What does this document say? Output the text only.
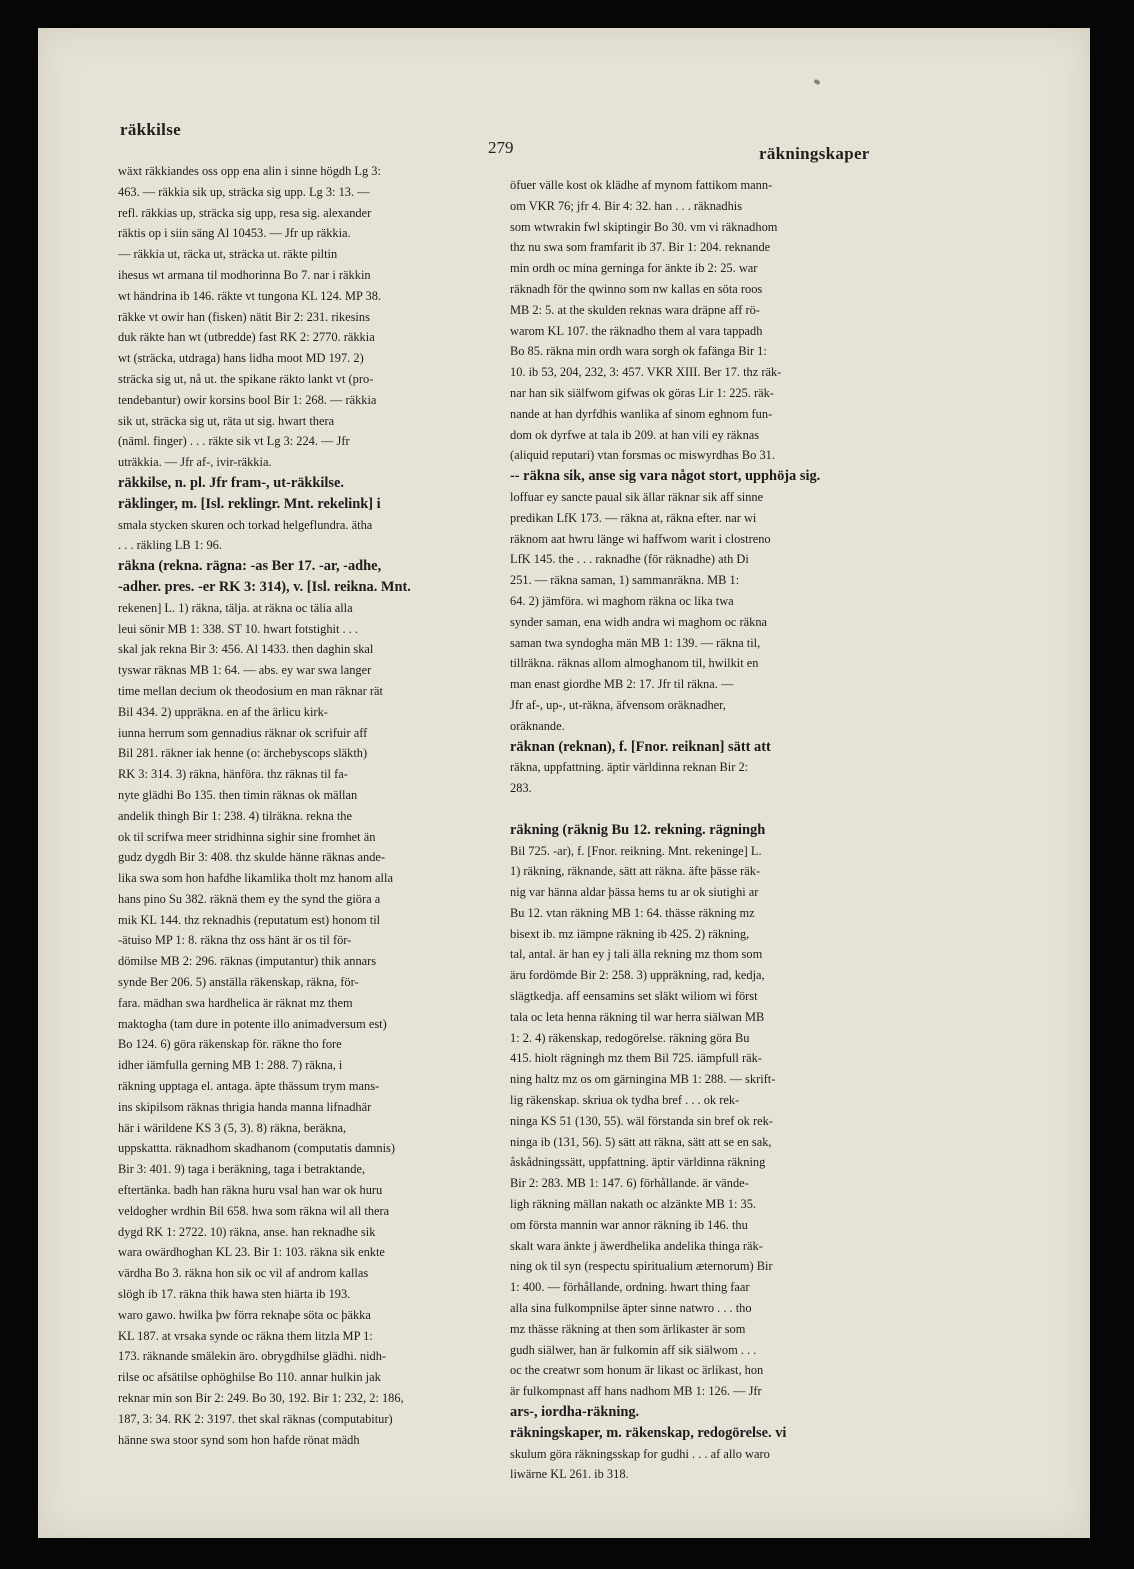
räkkilse
279	räkningskaper
wäxt räkkiandes oss opp ena alin i sinne högdh Lg 3:
463. — räkkia sik up, sträcka sig upp. Lg 3: 13. —
refl. räkkias up, sträcka sig upp, resa sig. alexander
räktis op i siin säng Al 10453. — Jfr up räkkia.
— räkkia ut, räcka ut, sträcka ut. räkte piltin
ihesus wt armana til modhorinna Bo 7. nar i räkkin
wt händrina ib 146. räkte vt tungona KL 124. MP 38.
räkke vt owir han (fisken) nätit Bir 2: 231. rikesins
duk räkte han wt (utbredde) fast RK 2: 2770. räkkia
wt (sträcka, utdraga) hans lidha moot MD 197. 2)
sträcka sig ut, nå ut. the spikane räkto lankt vt (pro-
tendebantur) owir korsins bool Bir 1: 268. — räkkia
sik ut, sträcka sig ut, räta ut sig. hwart thera
(näml. finger) . . . räkte sik vt Lg 3: 224. — Jfr
uträkkia. — Jfr af-, ivir-räkkia.
räkkilse, n. pl. Jfr fram-, ut-räkkilse.
räklinger, m. [Isl. reklingr. Mnt. rekelink] i
smala stycken skuren och torkad helgeflundra. ätha
. . . räkling LB 1: 96.
räkna (rekna. rägna: -as Ber 17. -ar, -adhe,
-adher. pres. -er RK 3: 314), v. [Isl. reikna. Mnt.
rekenen] L. 1) räkna, tälja. at räkna oc tälia alla
leui sönir MB 1: 338. ST 10. hwart fotstighit . . .
skal jak rekna Bir 3: 456. Al 1433. then daghin skal
tyswar räknas MB 1: 64. — abs. ey war swa langer
time mellan decium ok theodosium en man räknar rät
Bil 434. 2) uppräkna. en af the ärlicu kirk-
iunna herrum som gennadius räknar ok scrifuir aff
Bil 281. räkner iak henne (o: ärchebyscops släkth)
RK 3: 314. 3) räkna, hänföra. thz räknas til fa-
nyte glädhi Bo 135. then timin räknas ok mällan
andelik thingh Bir 1: 238. 4) tilräkna. rekna the
ok til scrifwa meer stridhinna sighir sine fromhet än
gudz dygdh Bir 3: 408. thz skulde hänne räknas ande-
lika swa som hon hafdhe likamlika tholt mz hanom alla
hans pino Su 382. räknä them ey the synd the giöra a
mik KL 144. thz reknadhis (reputatum est) honom til
-ätuiso MP 1: 8. räkna thz oss hänt är os til för-
dömilse MB 2: 296. räknas (imputantur) thik annars
synde Ber 206. 5) anställa räkenskap, räkna, för-
fara. mädhan swa hardhelica är räknat mz them
maktogha (tam dure in potente illo animadversum est)
Bo 124. 6) göra räkenskap för. räkne tho fore
idher iämfulla gerning MB 1: 288. 7) räkna, i
räkning upptaga el. antaga. äpte thässum trym mans-
ins skipilsom räknas thrigia handa manna lifnadhär
här i wärildene KS 3 (5, 3). 8) räkna, beräkna,
uppskattta. räknadhom skadhanom (computatis damnis)
Bir 3: 401. 9) taga i beräkning, taga i betraktande,
eftertänka. badh han räkna huru vsal han war ok huru
veldogher wrdhin Bil 658. hwa som räkna wil all thera
dygd RK 1: 2722. 10) räkna, anse. han reknadhe sik
wara owärdhoghan KL 23. Bir 1: 103. räkna sik enkte
värdha Bo 3. räkna hon sik oc vil af androm kallas
slögh ib 17. räkna thik hawa sten hiärta ib 193.
waro gawo. hwilka þw förra reknaþe söta oc þäkka
KL 187. at vrsaka synde oc räkna them litzla MP 1:
173. räknande smälekin äro. obrygdhilse glädhi. nidh-
rilse oc afsätilse ophöghilse Bo 110. annar hulkin jak
reknar min son Bir 2: 249. Bo 30, 192. Bir 1: 232, 2: 186,
187, 3: 34. RK 2: 3197. thet skal räknas (computabitur)
hänne swa stoor synd som hon hafde rönat mädh
öfuer välle kost ok klädhe af mynom fattikom mann-
om VKR 76; jfr 4. Bir 4: 32. han . . . räknadhis
som wtwrakin fwl skiptingir Bo 30. vm vi räknadhom
thz nu swa som framfarit ib 37. Bir 1: 204. reknande
min ordh oc mina gerninga for änkte ib 2: 25. war
räknadh för the qwinno som nw kallas en söta roos
MB 2: 5. at the skulden reknas wara dräpne aff rö-
warom KL 107. the räknadho them al vara tappadh
Bo 85. räkna min ordh wara sorgh ok fafänga Bir 1:
10. ib 53, 204, 232, 3: 457. VKR XIII. Ber 17. thz räk-
nar han sik siälfwom gifwas ok göras Lir 1: 225. räk-
nande at han dyrfdhis wanlika af sinom eghnom fun-
dom ok dyrfwe at tala ib 209. at han vili ey räknas
(aliquid reputari) vtan forsmas oc miswyrdhas Bo 31.
-- räkna sik, anse sig vara något stort, upphöja sig.
loffuar ey sancte paual sik ällar räknar sik aff sinne
predikan LfK 173. — räkna at, räkna efter. nar wi
räknom aat hwru länge wi haffwom warit i clostreno
LfK 145. the . . . raknadhe (för räknadhe) ath Di
251. — räkna saman, 1) sammanräkna. MB 1:
64. 2) jämföra. wi maghom räkna oc lika twa
synder saman, ena widh andra wi maghom oc räkna
saman twa syndogha män MB 1: 139. — räkna til,
tillräkna. räknas allom almoghanom til, hwilkit en
man enast giordhe MB 2: 17. Jfr til räkna. —
Jfr af-, up-, ut-räkna, äfvensom oräknadher,
oräknande.
räknan (reknan), f. [Fnor. reiknan] sätt att
räkna, uppfattning. äptir världinna reknan Bir 2:
283.
räkning (räknig Bu 12. rekning. rägningh
Bil 725. -ar), f. [Fnor. reikning. Mnt. rekeninge] L.
1) räkning, räknande, sätt att räkna. äfte þässe räk-
nig var hänna aldar þässa hems tu ar ok siutighi ar
Bu 12. vtan räkning MB 1: 64. thässe räkning mz
bisext ib. mz iämpne räkning ib 425. 2) räkning,
tal, antal. är han ey j tali älla rekning mz thom som
äru fordömde Bir 2: 258. 3) uppräkning, rad, kedja,
slägtkedja. aff eensamins set släkt wiliom wi först
tala oc leta henna räkning til war herra siälwan MB
1: 2. 4) räkenskap, redogörelse. räkning göra Bu
415. hiolt rägningh mz them Bil 725. iämpfull räk-
ning haltz mz os om gärningina MB 1: 288. — skrift-
lig räkenskap. skriua ok tydha bref . . . ok rek-
ninga KS 51 (130, 55). wäl förstanda sin bref ok rek-
ninga ib (131, 56). 5) sätt att räkna, sätt att se en sak,
åskådningssätt, uppfattning. äptir världinna räkning
Bir 2: 283. MB 1: 147. 6) förhållande. är vände-
ligh räkning mällan nakath oc alzänkte MB 1: 35.
om första mannin war annor räkning ib 146. thu
skalt wara änkte j äwerdhelika andelika thinga räk-
ning ok til syn (respectu spiritualium æternorum) Bir
1: 400. — förhållande, ordning. hwart thing faar
alla sina fulkompnilse äpter sinne natwro . . . tho
mz thässe räkning at then som ärlikaster är som
gudh siälwer, han är fulkomin aff sik siälwom . . .
oc the creatwr som honum är likast oc ärlikast, hon
är fulkompnast aff hans nadhom MB 1: 126. — Jfr
ars-, iordha-räkning.
räkningskaper, m. räkenskap, redogörelse. vi
skulum göra räkningsskap for gudhi . . . af allo waro
liwärne KL 261. ib 318.
